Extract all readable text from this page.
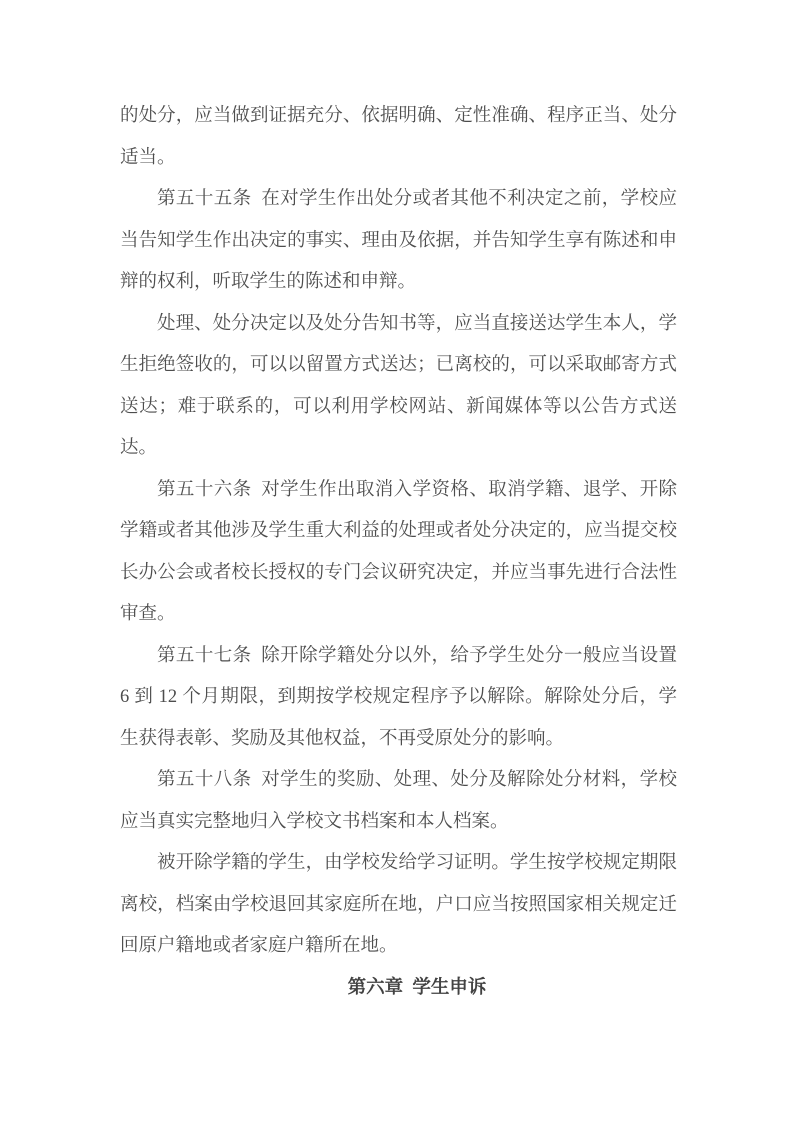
的处分，应当做到证据充分、依据明确、定性准确、程序正当、处分适当。

第五十五条 在对学生作出处分或者其他不利决定之前，学校应当告知学生作出决定的事实、理由及依据，并告知学生享有陈述和申辩的权利，听取学生的陈述和申辩。

处理、处分决定以及处分告知书等，应当直接送达学生本人，学生拒绝签收的，可以以留置方式送达；已离校的，可以采取邮寄方式送达；难于联系的，可以利用学校网站、新闻媒体等以公告方式送达。

第五十六条 对学生作出取消入学资格、取消学籍、退学、开除学籍或者其他涉及学生重大利益的处理或者处分决定的，应当提交校长办公会或者校长授权的专门会议研究决定，并应当事先进行合法性审查。

第五十七条 除开除学籍处分以外，给予学生处分一般应当设置 6 到 12 个月期限，到期按学校规定程序予以解除。解除处分后，学生获得表彰、奖励及其他权益，不再受原处分的影响。

第五十八条 对学生的奖励、处理、处分及解除处分材料，学校应当真实完整地归入学校文书档案和本人档案。

被开除学籍的学生，由学校发给学习证明。学生按学校规定期限离校，档案由学校退回其家庭所在地，户口应当按照国家相关规定迁回原户籍地或者家庭户籍所在地。

第六章 学生申诉
